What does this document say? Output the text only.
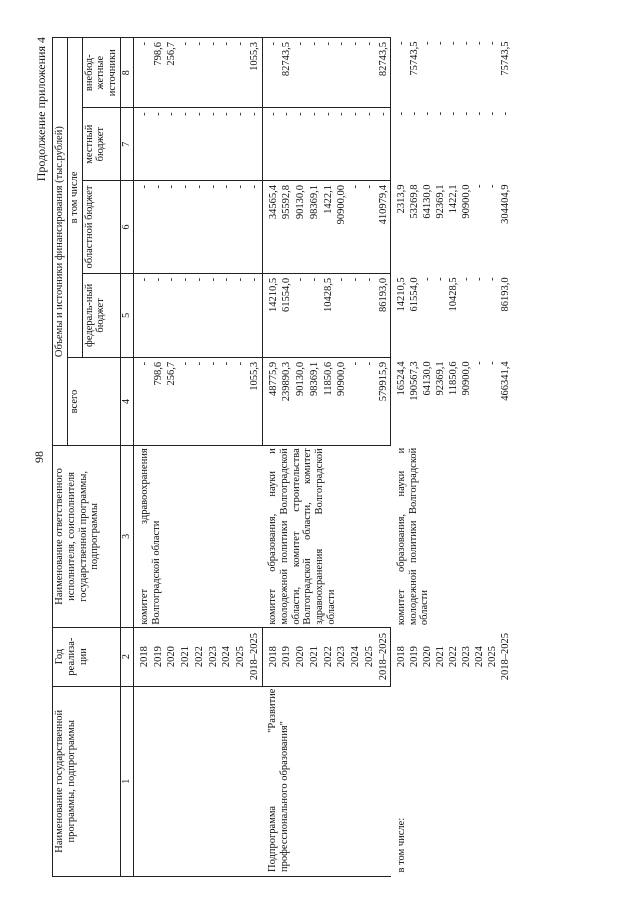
98
Продолжение приложения 4
Наименование государственной программы, подпрограммы	Год реализа-ции	Наименование ответственного исполнителя, соисполнителя государственной программы, подпрограммы	Объемы и источники финансирования (тыс.рублей)				
			всего	в том числе			
				федераль-ный бюджет	областной бюджет	местный бюджет	внебюд-жетные источники
1	2	3	4	5	6	7	8
	2018	комитет здравоохранения Волгоградской области	-	-	-	-	-
	2019		798,6	-	-	-	798,6
	2020		256,7	-	-	-	256,7
	2021		-	-	-	-	-
	2022		-	-	-	-	-
	2023		-	-	-	-	-
	2024		-	-	-	-	-
	2025		-	-	-	-	-
	2018–2025		1055,3	-	-	-	1055,3
Подпрограмма "Развитие профессионального образования"	2018	комитет образования, науки и молодежной политики Волгоградской области, комитет строительства Волгоградской области, комитет здравоохранения Волгоградской области	48775,9	14210,5	34565,4	-	-
	2019		239890,3	61554,0	95592,8	-	82743,5
	2020		90130,0	-	90130,0	-	-
	2021		98369,1	-	98369,1	-	-
	2022		11850,6	10428,5	1422,1	-	-
	2023		90900,0	-	90900,00	-	-
	2024		-	-	-	-	-
	2025		-	-	-	-	-
	2018–2025		579915,9	86193,0	410979,4	-	82743,5
в том числе:	2018	комитет образования, науки и молодежной политики Волгоградской области	16524,4	14210,5	2313,9	-	-
	2019		190567,3	61554,0	53269,8	-	75743,5
	2020		64130,0	-	64130,0	-	-
	2021		92369,1	-	92369,1	-	-
	2022		11850,6	10428,5	1422,1	-	-
	2023		90900,0	-	90900,0	-	-
	2024		-	-	-	-	-
	2025		-	-	-	-	-
	2018–2025		466341,4	86193,0	304404,9	-	75743,5
